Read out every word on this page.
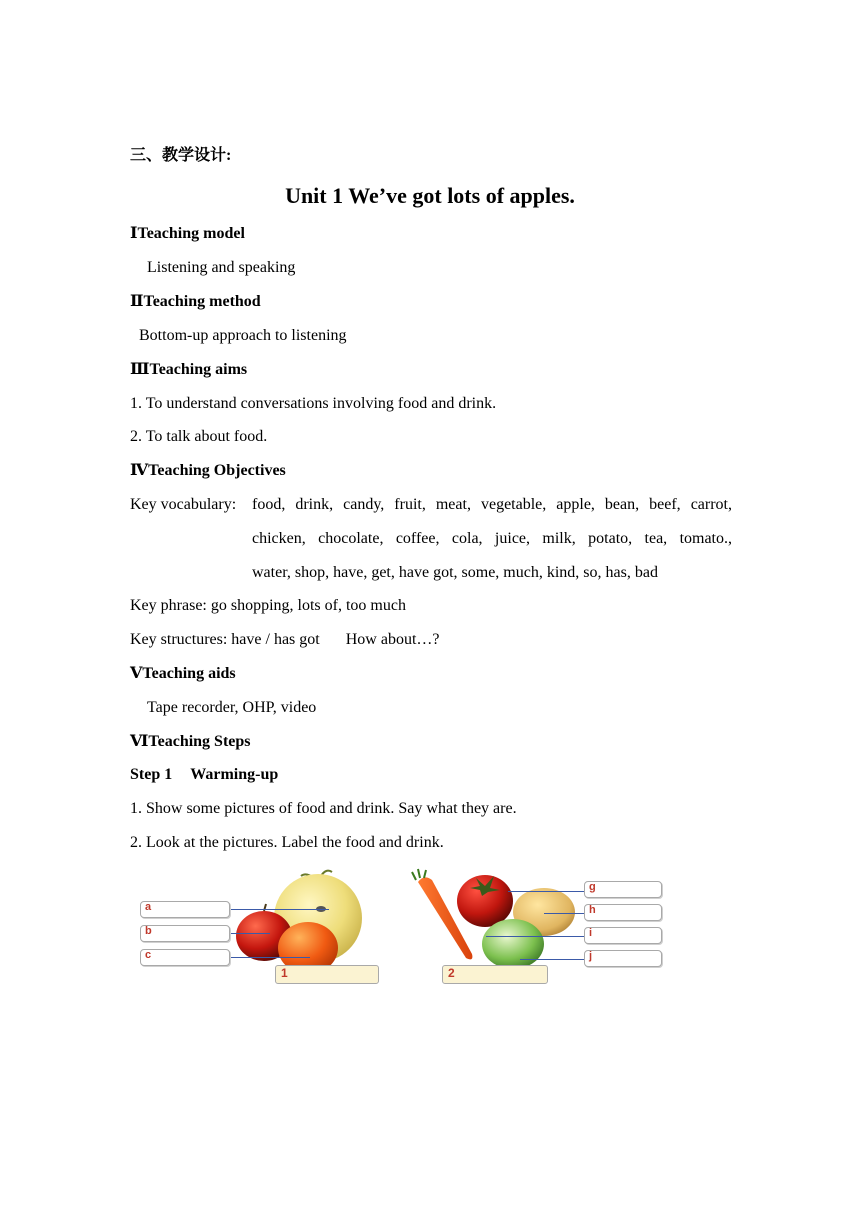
三、教学设计:
Unit 1 We’ve got lots of apples.
ⅠTeaching model
Listening and speaking
ⅡTeaching method
Bottom-up approach to listening
ⅢTeaching aims
1. To understand conversations involving food and drink.
2. To talk about food.
ⅣTeaching Objectives
Key vocabulary: food, drink, candy, fruit, meat, vegetable, apple, bean, beef, carrot,
chicken, chocolate, coffee, cola, juice, milk, potato, tea, tomato.,
water, shop, have, get, have got, some, much, kind, so, has, bad
Key phrase: go shopping, lots of, too much
Key structures: have / has got How about…?
ⅤTeaching aids
Tape recorder, OHP, video
ⅥTeaching Steps
Step 1 Warming-up
1. Show some pictures of food and drink. Say what they are.
2. Look at the pictures. Label the food and drink.
a
b
c
1
g
h
i
j
2
